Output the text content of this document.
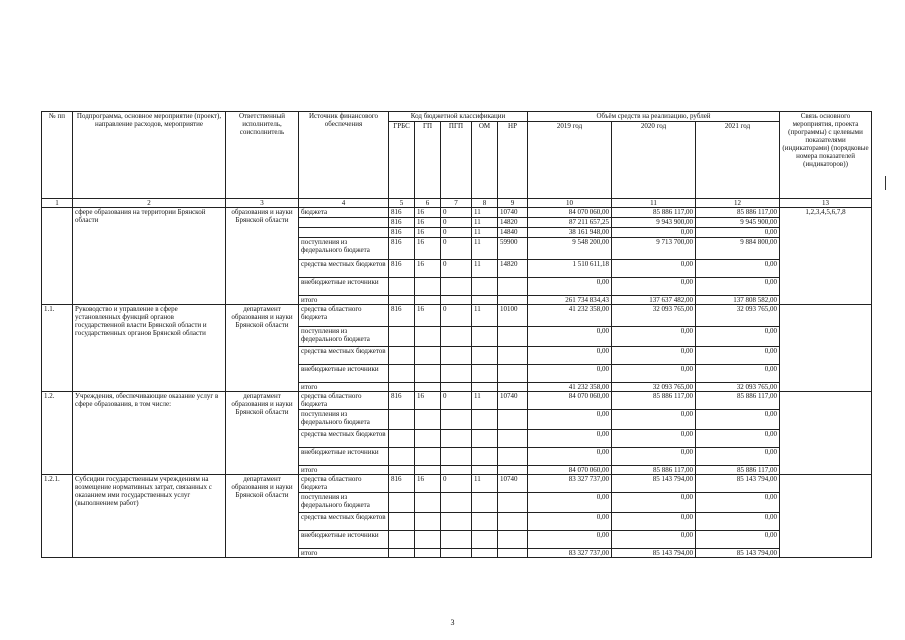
№ пп	Подпрограмма, основное мероприятие (проект), направление расходов, мероприятие	Ответственный исполнитель, соисполнитель	Источник финансового обеспечения	Код бюджетной классификации					Объём средств на реализацию, рублей			Связь основного мероприятия, проекта (программы) с целевыми показателями (индикаторами) (порядковые номера показателей (индикаторов))
				ГРБС	ГП	ПГП	ОМ	НР	2019 год	2020 год	2021 год	
1	2	3	4	5	6	7	8	9	10	11	12	13
	сфере образования на территории Брянской области	образования и науки Брянской области	бюджета	816	16	0	11	10740	84 070 060,00	85 886 117,00	85 886 117,00	1,2,3,4,5,6,7,8
				816	16	0	11	14820	87 211 657,25	9 943 900,00	9 945 900,00	
				816	16	0	11	14840	38 161 948,00	0,00	0,00	
			поступления из федерального бюджета	816	16	0	11	59900	9 548 200,00	9 713 700,00	9 884 800,00	
			средства местных бюджетов	816	16	0	11	14820	1 510 611,18	0,00	0,00	
			внебюджетные источники						0,00	0,00	0,00	
			итого						261 734 834,43	137 637 482,00	137 808 582,00	
1.1.	Руководство и управление в сфере установленных функций органов государственной власти Брянской области и государственных органов Брянской области	департамент образования и науки Брянской области	средства областного бюджета	816	16	0	11	10100	41 232 358,00	32 093 765,00	32 093 765,00	
			поступления из федерального бюджета						0,00	0,00	0,00	
			средства местных бюджетов						0,00	0,00	0,00	
			внебюджетные источники						0,00	0,00	0,00	
			итого						41 232 358,00	32 093 765,00	32 093 765,00	
1.2.	Учреждения, обеспечивающие оказание услуг в сфере образования, в том числе:	департамент образования и науки Брянской области	средства областного бюджета	816	16	0	11	10740	84 070 060,00	85 886 117,00	85 886 117,00	
			поступления из федерального бюджета						0,00	0,00	0,00	
			средства местных бюджетов						0,00	0,00	0,00	
			внебюджетные источники						0,00	0,00	0,00	
			итого						84 070 060,00	85 886 117,00	85 886 117,00	
1.2.1.	Субсидии государственным учреждениям на возмещение нормативных затрат, связанных с оказанием ими государственных услуг (выполнением работ)	департамент образования и науки Брянской области	средства областного бюджета	816	16	0	11	10740	83 327 737,00	85 143 794,00	85 143 794,00	
			поступления из федерального бюджета						0,00	0,00	0,00	
			средства местных бюджетов						0,00	0,00	0,00	
			внебюджетные источники						0,00	0,00	0,00	
			итого						83 327 737,00	85 143 794,00	85 143 794,00	
3
